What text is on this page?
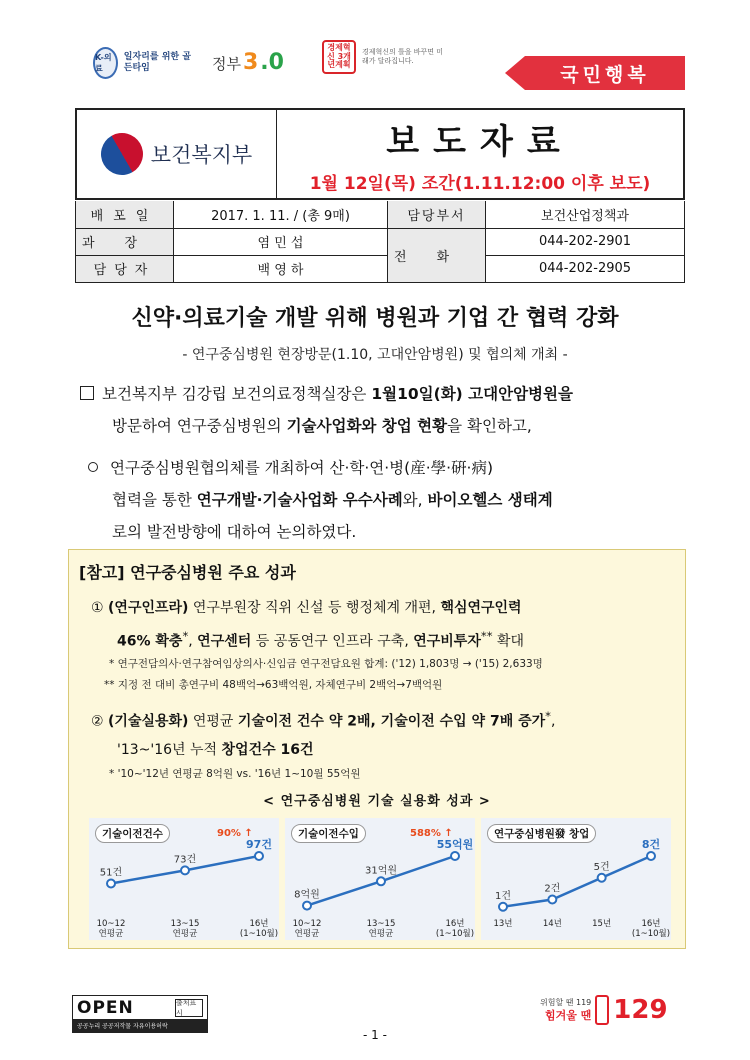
K-의료
일자리를 위한 골든타임	정부 3 .0
경제혁신 3개년계획
경제혁신의 틀을 바꾸면 미래가 달라집니다.
국민행복
보건복지부	보도자료
1월 12일(목) 조간(1.11.12:00 이후 보도)
배포일	2017. 1. 11. / (총 9매)	담당부서	보건산업정책과
과장	염 민 섭	전화	044-202-2901
담당자	백 영 하		044-202-2905
신약·의료기술 개발 위해 병원과 기업 간 협력 강화
- 연구중심병원 현장방문(1.10, 고대안암병원) 및 협의체 개최 -
보건복지부 김강립 보건의료정책실장은 1월10일(화) 고대안암병원을
방문하여 연구중심병원의 기술사업화와 창업 현황을 확인하고,
연구중심병원협의체를 개최하여 산·학·연·병(産·學·硏·病)
협력을 통한 연구개발·기술사업화 우수사례와, 바이오헬스 생태계
로의 발전방향에 대하여 논의하였다.
[참고] 연구중심병원 주요 성과
① (연구인프라) 연구부원장 직위 신설 등 행정체계 개편, 핵심연구인력
46% 확충*, 연구센터 등 공동연구 인프라 구축, 연구비투자** 확대
* 연구전담의사·연구참여임상의사·신임금 연구전담요원 합계: ('12) 1,803명 → ('15) 2,633명
** 지정 전 대비 총연구비 48백억→63백억원, 자체연구비 2백억→7백억원
② (기술실용화) 연평균 기술이전 건수 약 2배, 기술이전 수입 약 7배 증가*,
'13~'16년 누적 창업건수 16건
* '10~'12년 연평균 8억원 vs. '16년 1~10월 55억원
< 연구중심병원 기술 실용화 성과 >
51건
10~12
연평균
73건
13~15
연평균
97건
16년
(1~10월)
기술이전건수	90% ↑
8억원
10~12
연평균
31억원
13~15
연평균
55억원
16년
(1~10월)
기술이전수입	588% ↑
1건
13년
2건
14년
5건
15년
8건
16년
(1~10월)
연구중심병원發 창업
OPEN	출처표시
공공누리 공공저작물 자유이용허락
- 1 -
위험할 땐 119
힘겨울 땐 129
